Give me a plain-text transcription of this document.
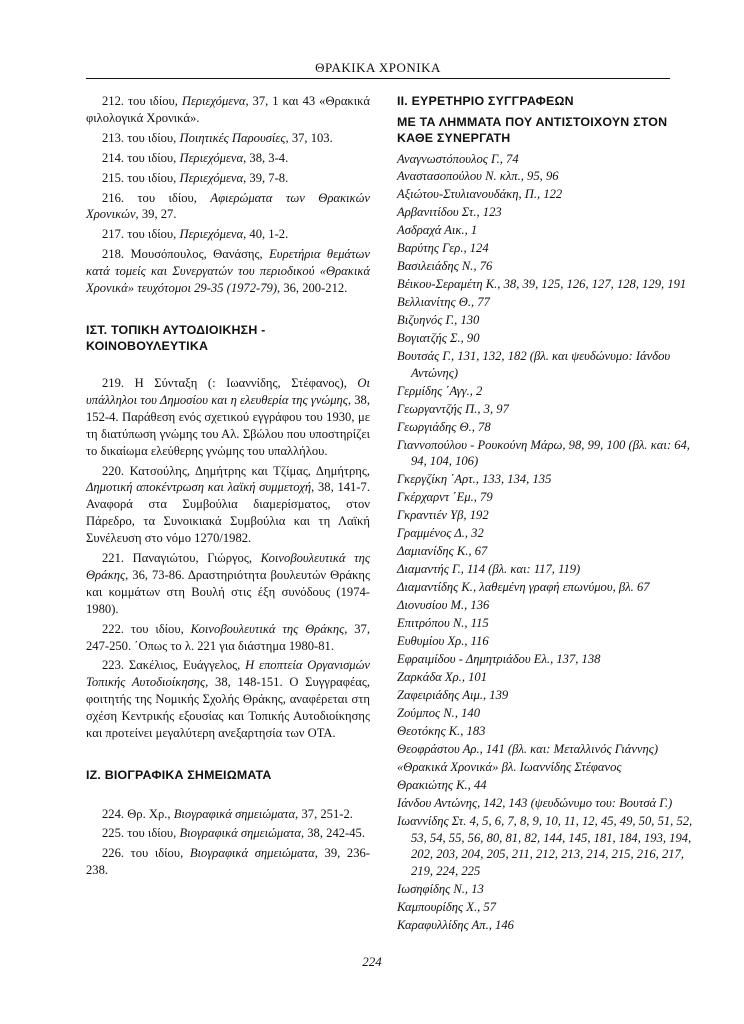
ΘΡΑΚΙΚΑ ΧΡΟΝΙΚΑ

212. του ιδίου, Περιεχόμενα, 37, 1 και 43 «Θρακικά φιλολογικά Χρονικά».

213. του ιδίου, Ποιητικές Παρουσίες, 37, 103.

214. του ιδίου, Περιεχόμενα, 38, 3-4.

215. του ιδίου, Περιεχόμενα, 39, 7-8.

216. του ιδίου, Αφιερώματα των Θρακικών Χρονικών, 39, 27.

217. του ιδίου, Περιεχόμενα, 40, 1-2.

218. Μουσόπουλος, Θανάσης, Ευρετήρια θεμάτων κατά τομείς και Συνεργατών του περιοδικού «Θρακικά Χρονικά» τευχότομοι 29-35 (1972-79), 36, 200-212.

ΙΣΤ. ΤΟΠΙΚΗ ΑΥΤΟΔΙΟΙΚΗΣΗ -
ΚΟΙΝΟΒΟΥΛΕΥΤΙΚΑ

219. Η Σύνταξη (: Ιωαννίδης, Στέφανος), Οι υπάλληλοι του Δημοσίου και η ελευθερία της γνώμης, 38, 152-4. Παράθεση ενός σχετικού εγγράφου του 1930, με τη διατύπωση γνώμης του Αλ. Σβώλου που υποστηρίζει το δικαίωμα ελεύθερης γνώμης του υπαλλήλου.

220. Κατσούλης, Δημήτρης και Τζίμας, Δημήτρης, Δημοτική αποκέντρωση και λαϊκή συμμετοχή, 38, 141-7. Αναφορά στα Συμβούλια διαμερίσματος, στον Πάρεδρο, τα Συνοικιακά Συμβούλια και τη Λαϊκή Συνέλευση στο νόμο 1270/1982.

221. Παναγιώτου, Γιώργος, Κοινοβουλευτικά της Θράκης, 36, 73-86. Δραστηριότητα βουλευτών Θράκης και κομμάτων στη Βουλή στις έξη συνόδους (1974-1980).

222. του ιδίου, Κοινοβουλευτικά της Θράκης, 37, 247-250. ΄Οπως το λ. 221 για διάστημα 1980-81.

223. Σακέλιος, Ευάγγελος, Η εποπτεία Οργανισμών Τοπικής Αυτοδιοίκησης, 38, 148-151. Ο Συγγραφέας, φοιτητής της Νομικής Σχολής Θράκης, αναφέρεται στη σχέση Κεντρικής εξουσίας και Τοπικής Αυτοδιοίκησης και προτείνει μεγαλύτερη ανεξαρτησία των ΟΤΑ.

ΙΖ. ΒΙΟΓΡΑΦΙΚΑ ΣΗΜΕΙΩΜΑΤΑ

224. Θρ. Χρ., Βιογραφικά σημειώματα, 37, 251-2.

225. του ιδίου, Βιογραφικά σημειώματα, 38, 242-45.

226. του ιδίου, Βιογραφικά σημειώματα, 39, 236-238.

ΙΙ. ΕΥΡΕΤΗΡΙΟ ΣΥΓΓΡΑΦΕΩΝ

ΜΕ ΤΑ ΛΗΜΜΑΤΑ ΠΟΥ ΑΝΤΙΣΤΟΙΧΟΥΝ ΣΤΟΝ
ΚΑΘΕ ΣΥΝΕΡΓΑΤΗ

Αναγνωστόπουλος Γ., 74
Αναστασοπούλου Ν. κλπ., 95, 96
Αξιώτου-Στυλιανουδάκη, Π., 122
Αρβανιτίδου Στ., 123
Ασδραχά Αικ., 1
Βαρύτης Γερ., 124
Βασιλειάδης Ν., 76
Βέικου-Σεραμέτη Κ., 38, 39, 125, 126, 127, 128, 129, 191
Βελλιανίτης Θ., 77
Βιζυηνός Γ., 130
Βογιατζής Σ., 90
Βουτσάς Γ., 131, 132, 182 (βλ. και ψευδώνυμο: Ιάνδου Αντώνης)
Γερμίδης ΄Αγγ., 2
Γεωργαντζής Π., 3, 97
Γεωργιάδης Θ., 78
Γιαννοπούλου - Ρουκούνη Μάρω, 98, 99, 100 (βλ. και: 64, 94, 104, 106)
Γκεργζίκη ΄Αρτ., 133, 134, 135
Γκέρχαρντ ΄Εμ., 79
Γκραντιέν Υβ, 192
Γραμμένος Δ., 32
Δαμιανίδης Κ., 67
Διαμαντής Γ., 114 (βλ. και: 117, 119)
Διαμαντίδης Κ., λαθεμένη γραφή επωνύμου, βλ. 67
Διονυσίου Μ., 136
Επιτρόπου Ν., 115
Ευθυμίου Χρ., 116
Εφραιμίδου - Δημητριάδου Ελ., 137, 138
Ζαρκάδα Χρ., 101
Ζαφειριάδης Αιμ., 139
Ζούμπος Ν., 140
Θεοτόκης Κ., 183
Θεοφράστου Αρ., 141 (βλ. και: Μεταλλινός Γιάννης)
«Θρακικά Χρονικά» βλ. Ιωαννίδης Στέφανος
Θρακιώτης Κ., 44
Ιάνδου Αντώνης, 142, 143 (ψευδώνυμο του: Βουτσά Γ.)
Ιωαννίδης Στ. 4, 5, 6, 7, 8, 9, 10, 11, 12, 45, 49, 50, 51, 52, 53, 54, 55, 56, 80, 81, 82, 144, 145, 181, 184, 193, 194, 202, 203, 204, 205, 211, 212, 213, 214, 215, 216, 217, 219, 224, 225
Ιωσηφίδης Ν., 13
Καμπουρίδης Χ., 57
Καραφυλλίδης Απ., 146
224
